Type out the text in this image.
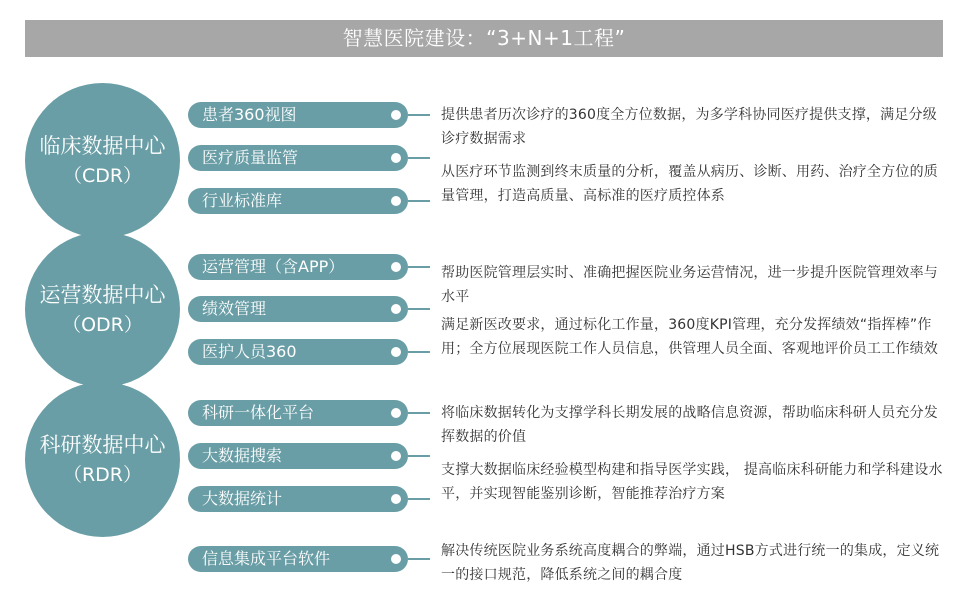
智慧医院建设：“3+N+1工程”
临床数据中心
（CDR）
运营数据中心
（ODR）
科研数据中心
（RDR）
患者360视图
医疗质量监管
行业标准库
运营管理（含APP）
绩效管理
医护人员360
科研一体化平台
大数据搜索
大数据统计
信息集成平台软件
提供患者历次诊疗的360度全方位数据，为多学科协同医疗提供支撑，满足分级诊疗数据需求
从医疗环节监测到终末质量的分析，覆盖从病历、诊断、用药、治疗全方位的质量管理，打造高质量、高标准的医疗质控体系
帮助医院管理层实时、准确把握医院业务运营情况，进一步提升医院管理效率与水平
满足新医改要求，通过标化工作量，360度KPI管理，充分发挥绩效“指挥棒”作用；全方位展现医院工作人员信息，供管理人员全面、客观地评价员工工作绩效
将临床数据转化为支撑学科长期发展的战略信息资源，帮助临床科研人员充分发挥数据的价值
支撑大数据临床经验模型构建和指导医学实践， 提高临床科研能力和学科建设水平，并实现智能鉴别诊断，智能推荐治疗方案
解决传统医院业务系统高度耦合的弊端，通过HSB方式进行统一的集成，定义统一的接口规范，降低系统之间的耦合度
